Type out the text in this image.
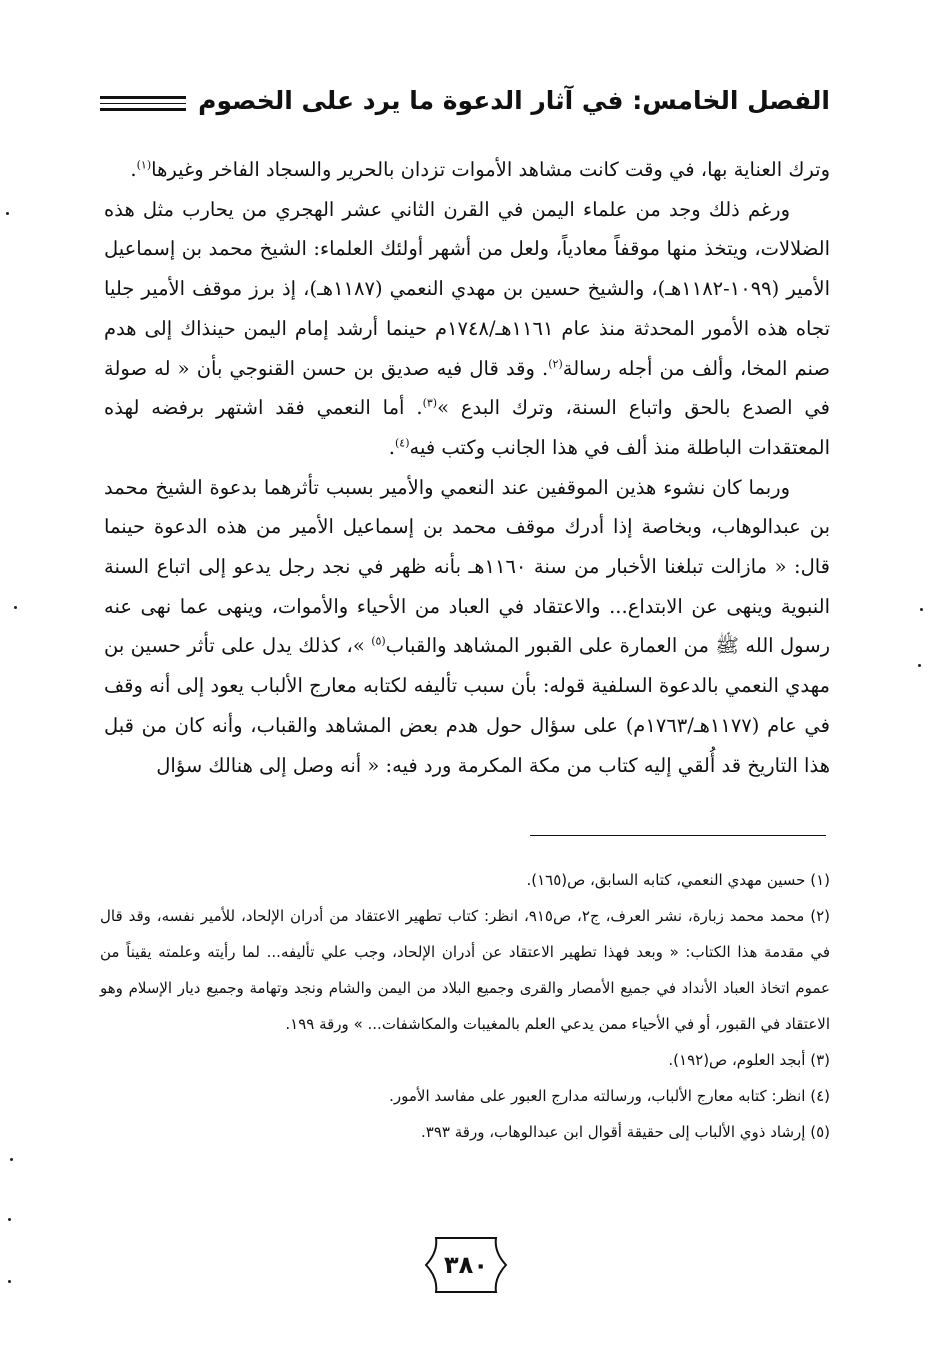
الفصل الخامس: في آثار الدعوة ما يرد على الخصوم

وترك العناية بها، في وقت كانت مشاهد الأموات تزدان بالحرير والسجاد الفاخر وغيرها$^{(١)}$.

ورغم ذلك وجد من علماء اليمن في القرن الثاني عشر الهجري من يحارب مثل هذه الضلالات، ويتخذ منها موقفاً معادياً، ولعل من أشهر أولئك العلماء: الشيخ محمد بن إسماعيل الأمير (١٠٩٩-١١٨٢هـ)، والشيخ حسين بن مهدي النعمي (١١٨٧هـ)، إذ برز موقف الأمير جليا تجاه هذه الأمور المحدثة منذ عام ١١٦١هـ/١٧٤٨م حينما أرشد إمام اليمن حينذاك إلى هدم صنم المخا، وألف من أجله رسالة$^{(٢)}$. وقد قال فيه صديق بن حسن القنوجي بأن « له صولة في الصدع بالحق واتباع السنة، وترك البدع »$^{(٣)}$. أما النعمي فقد اشتهر برفضه لهذه المعتقدات الباطلة منذ ألف في هذا الجانب وكتب فيه$^{(٤)}$.

وربما كان نشوء هذين الموقفين عند النعمي والأمير بسبب تأثرهما بدعوة الشيخ محمد بن عبدالوهاب، وبخاصة إذا أدرك موقف محمد بن إسماعيل الأمير من هذه الدعوة حينما قال: « مازالت تبلغنا الأخبار من سنة ١١٦٠هـ بأنه ظهر في نجد رجل يدعو إلى اتباع السنة النبوية وينهى عن الابتداع... والاعتقاد في العباد من الأحياء والأموات، وينهى عما نهى عنه رسول الله ﷺ من العمارة على القبور المشاهد والقباب$^{(٥)}$ »، كذلك يدل على تأثر حسين بن مهدي النعمي بالدعوة السلفية قوله: بأن سبب تأليفه لكتابه معارج الألباب يعود إلى أنه وقف في عام (١١٧٧هـ/١٧٦٣م) على سؤال حول هدم بعض المشاهد والقباب، وأنه كان من قبل هذا التاريخ قد أُلقي إليه كتاب من مكة المكرمة ورد فيه: « أنه وصل إلى هنالك سؤال

(١) حسين مهدي النعمي، كتابه السابق، ص(١٦٥).

(٢) محمد محمد زبارة، نشر العرف، ج٢، ص٩١٥، انظر: كتاب تطهير الاعتقاد من أدران الإلحاد، للأمير نفسه، وقد قال في مقدمة هذا الكتاب: « وبعد فهذا تطهير الاعتقاد عن أدران الإلحاد، وجب علي تأليفه... لما رأيته وعلمته يقيناً من عموم اتخاذ العباد الأنداد في جميع الأمصار والقرى وجميع البلاد من اليمن والشام ونجد وتهامة وجميع ديار الإسلام وهو الاعتقاد في القبور، أو في الأحياء ممن يدعي العلم بالمغيبات والمكاشفات... » ورقة ١٩٩.

(٣) أبجد العلوم، ص(١٩٢).

(٤) انظر: كتابه معارج الألباب، ورسالته مدارج العبور على مفاسد الأمور.

(٥) إرشاد ذوي الألباب إلى حقيقة أقوال ابن عبدالوهاب، ورقة ٣٩٣.

٣٨٠
